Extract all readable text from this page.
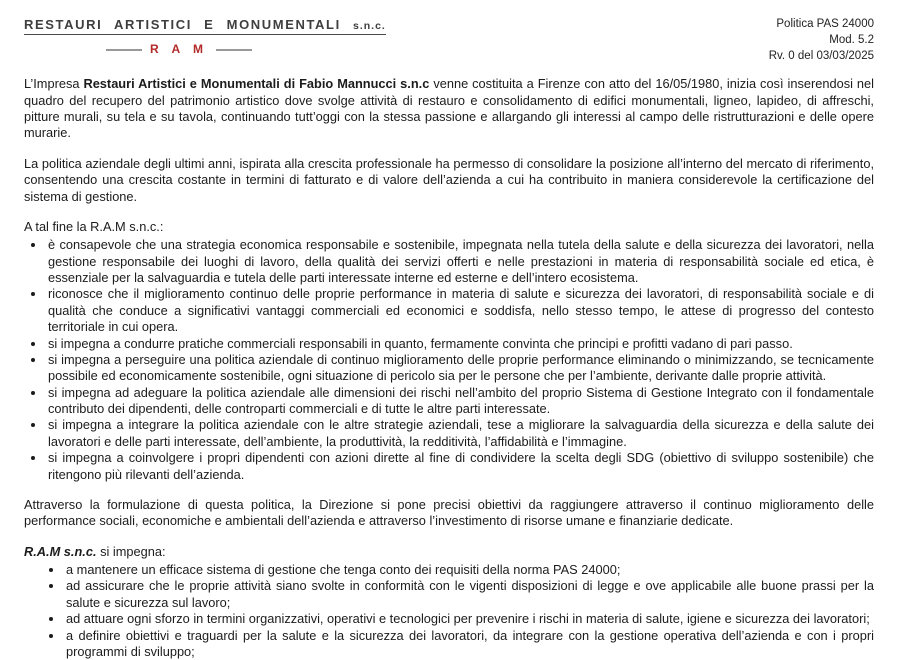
RESTAURI ARTISTICI E MONUMENTALI s.n.c.
R A M
Politica PAS 24000
Mod. 5.2
Rv. 0 del 03/03/2025

L’Impresa Restauri Artistici e Monumentali di Fabio Mannucci s.n.c venne costituita a Firenze con atto del 16/05/1980, inizia così inserendosi nel quadro del recupero del patrimonio artistico dove svolge attività di restauro e consolidamento di edifici monumentali, ligneo, lapideo, di affreschi, pitture murali, su tela e su tavola, continuando tutt’oggi con la stessa passione e allargando gli interessi al campo delle ristrutturazioni e delle opere murarie.

La politica aziendale degli ultimi anni, ispirata alla crescita professionale ha permesso di consolidare la posizione all’interno del mercato di riferimento, consentendo una crescita costante in termini di fatturato e di valore dell’azienda a cui ha contribuito in maniera considerevole la certificazione del sistema di gestione.

A tal fine la R.A.M s.n.c.:

• è consapevole che una strategia economica responsabile e sostenibile, impegnata nella tutela della salute e della sicurezza dei lavoratori, nella gestione responsabile dei luoghi di lavoro, della qualità dei servizi offerti e nelle prestazioni in materia di responsabilità sociale ed etica, è essenziale per la salvaguardia e tutela delle parti interessate interne ed esterne e dell’intero ecosistema.
• riconosce che il miglioramento continuo delle proprie performance in materia di salute e sicurezza dei lavoratori, di responsabilità sociale e di qualità che conduce a significativi vantaggi commerciali ed economici e soddisfa, nello stesso tempo, le attese di progresso del contesto territoriale in cui opera.
• si impegna a condurre pratiche commerciali responsabili in quanto, fermamente convinta che principi e profitti vadano di pari passo.
• si impegna a perseguire una politica aziendale di continuo miglioramento delle proprie performance eliminando o minimizzando, se tecnicamente possibile ed economicamente sostenibile, ogni situazione di pericolo sia per le persone che per l’ambiente, derivante dalle proprie attività.
• si impegna ad adeguare la politica aziendale alle dimensioni dei rischi nell’ambito del proprio Sistema di Gestione Integrato con il fondamentale contributo dei dipendenti, delle controparti commerciali e di tutte le altre parti interessate.
• si impegna a integrare la politica aziendale con le altre strategie aziendali, tese a migliorare la salvaguardia della sicurezza e della salute dei lavoratori e delle parti interessate, dell’ambiente, la produttività, la redditività, l’affidabilità e l’immagine.
• si impegna a coinvolgere i propri dipendenti con azioni dirette al fine di condividere la scelta degli SDG (obiettivo di sviluppo sostenibile) che ritengono più rilevanti dell’azienda.

Attraverso la formulazione di questa politica, la Direzione si pone precisi obiettivi da raggiungere attraverso il continuo miglioramento delle performance sociali, economiche e ambientali dell’azienda e attraverso l’investimento di risorse umane e finanziarie dedicate.

R.A.M s.n.c. si impegna:

• a mantenere un efficace sistema di gestione che tenga conto dei requisiti della norma PAS 24000;
• ad assicurare che le proprie attività siano svolte in conformità con le vigenti disposizioni di legge e ove applicabile alle buone prassi per la salute e sicurezza sul lavoro;
• ad attuare ogni sforzo in termini organizzativi, operativi e tecnologici per prevenire i rischi in materia di salute, igiene e sicurezza dei lavoratori;
• a definire obiettivi e traguardi per la salute e la sicurezza dei lavoratori, da integrare con la gestione operativa dell’azienda e con i propri programmi di sviluppo;
